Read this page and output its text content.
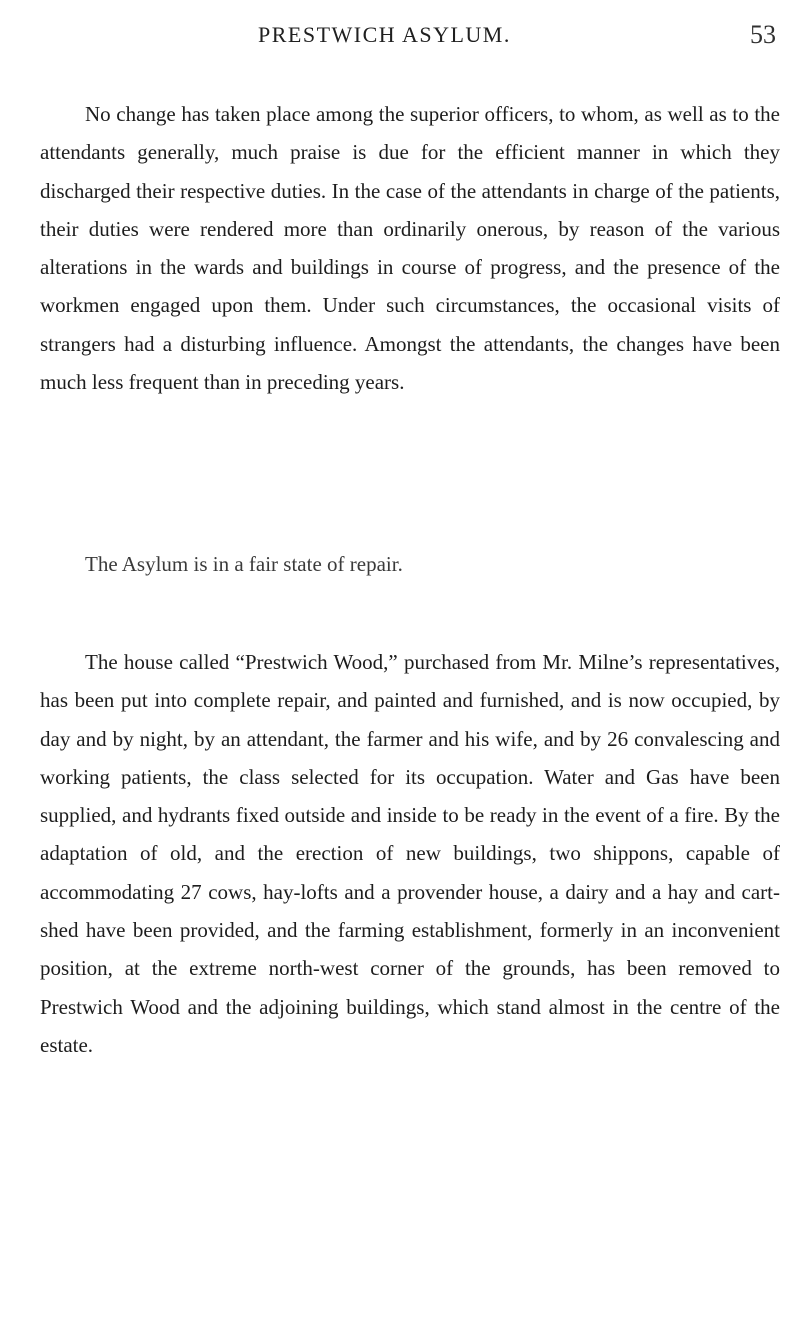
PRESTWICH ASYLUM.	53

No change has taken place among the superior officers, to whom, as well as to the attendants generally, much praise is due for the efficient manner in which they discharged their respective duties. In the case of the attendants in charge of the patients, their duties were rendered more than ordinarily onerous, by reason of the various alterations in the wards and buildings in course of progress, and the presence of the workmen engaged upon them. Under such circumstances, the occasional visits of strangers had a disturbing influence. Amongst the attendants, the changes have been much less frequent than in preceding years.

The Asylum is in a fair state of repair.

The house called “Prestwich Wood,” purchased from Mr. Milne’s representatives, has been put into complete repair, and painted and furnished, and is now occupied, by day and by night, by an attendant, the farmer and his wife, and by 26 convalescing and working patients, the class selected for its occupation. Water and Gas have been supplied, and hydrants fixed outside and inside to be ready in the event of a fire. By the adaptation of old, and the erection of new buildings, two shippons, capable of accommodating 27 cows, hay-lofts and a provender house, a dairy and a hay and cart-shed have been provided, and the farming establishment, formerly in an inconvenient position, at the extreme north-west corner of the grounds, has been removed to Prestwich Wood and the adjoining buildings, which stand almost in the centre of the estate.
